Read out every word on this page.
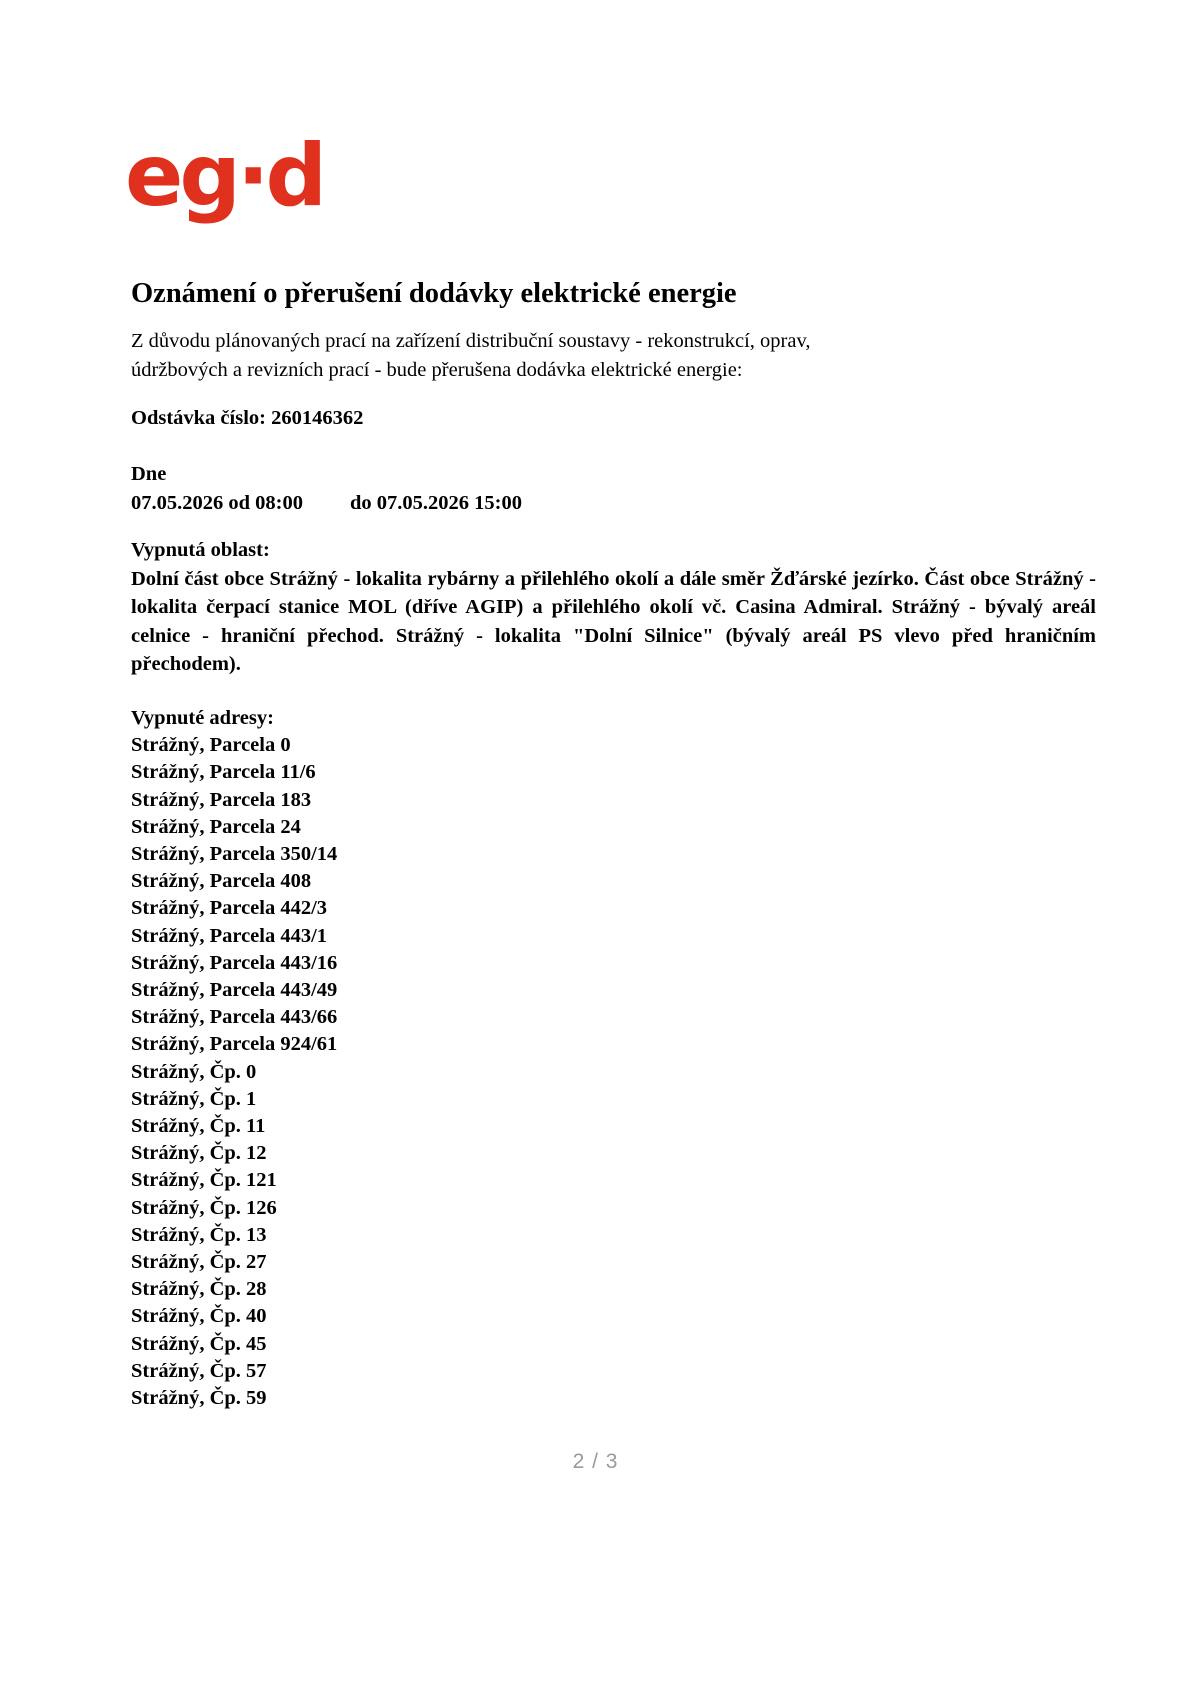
eg·d
Oznámení o přerušení dodávky elektrické energie
Z důvodu plánovaných prací na zařízení distribuční soustavy - rekonstrukcí, oprav,
údržbových a revizních prací - bude přerušena dodávka elektrické energie:
Odstávka číslo: 260146362
Dne
07.05.2026 od 08:00 do 07.05.2026 15:00
Vypnutá oblast:
Dolní část obce Strážný - lokalita rybárny a přilehlého okolí a dále směr Žďárské jezírko. Část obce Strážný - lokalita čerpací stanice MOL (dříve AGIP) a přilehlého okolí vč. Casina Admiral. Strážný - bývalý areál celnice - hraniční přechod. Strážný - lokalita "Dolní Silnice" (bývalý areál PS vlevo před hraničním přechodem).
Vypnuté adresy:
Strážný, Parcela 0
Strážný, Parcela 11/6
Strážný, Parcela 183
Strážný, Parcela 24
Strážný, Parcela 350/14
Strážný, Parcela 408
Strážný, Parcela 442/3
Strážný, Parcela 443/1
Strážný, Parcela 443/16
Strážný, Parcela 443/49
Strážný, Parcela 443/66
Strážný, Parcela 924/61
Strážný, Čp. 0
Strážný, Čp. 1
Strážný, Čp. 11
Strážný, Čp. 12
Strážný, Čp. 121
Strážný, Čp. 126
Strážný, Čp. 13
Strážný, Čp. 27
Strážný, Čp. 28
Strážný, Čp. 40
Strážný, Čp. 45
Strážný, Čp. 57
Strážný, Čp. 59
2 / 3
